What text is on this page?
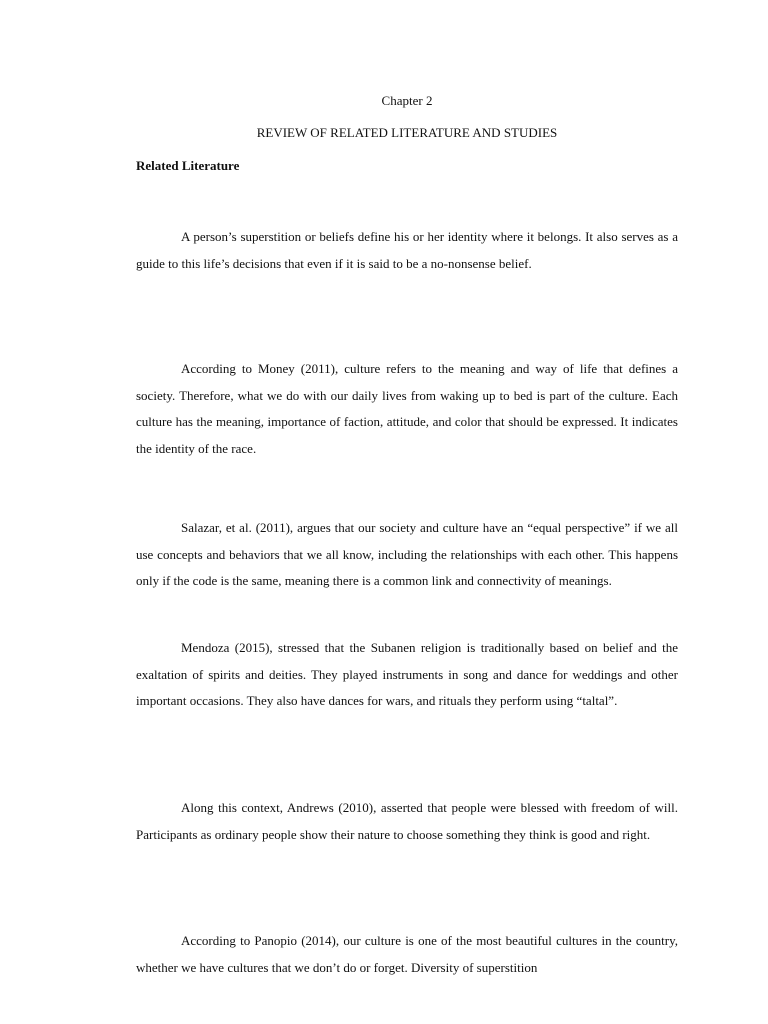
Chapter 2
REVIEW OF RELATED LITERATURE AND STUDIES
Related Literature

A person’s superstition or beliefs define his or her identity where it belongs. It also serves as a guide to this life’s decisions that even if it is said to be a no-nonsense belief.

According to Money (2011), culture refers to the meaning and way of life that defines a society. Therefore, what we do with our daily lives from waking up to bed is part of the culture. Each culture has the meaning, importance of faction, attitude, and color that should be expressed. It indicates the identity of the race.

Salazar, et al. (2011), argues that our society and culture have an “equal perspective” if we all use concepts and behaviors that we all know, including the relationships with each other. This happens only if the code is the same, meaning there is a common link and connectivity of meanings.

Mendoza (2015), stressed that the Subanen religion is traditionally based on belief and the exaltation of spirits and deities. They played instruments in song and dance for weddings and other important occasions. They also have dances for wars, and rituals they perform using “taltal”.

Along this context, Andrews (2010), asserted that people were blessed with freedom of will. Participants as ordinary people show their nature to choose something they think is good and right.

According to Panopio (2014), our culture is one of the most beautiful cultures in the country, whether we have cultures that we don’t do or forget. Diversity of superstition
